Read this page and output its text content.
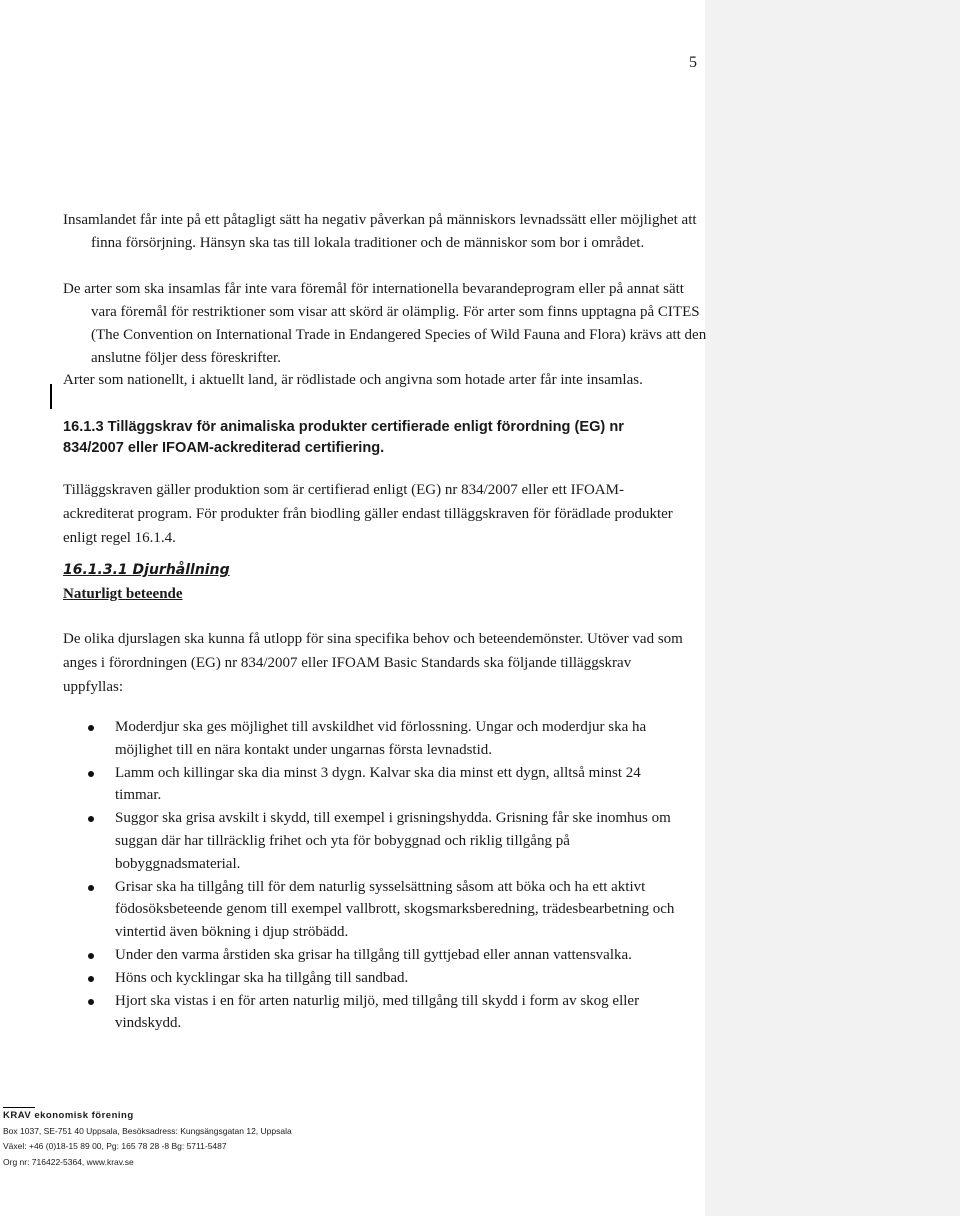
5
Insamlandet får inte på ett påtagligt sätt ha negativ påverkan på människors levnadssätt eller möjlighet att finna försörjning. Hänsyn ska tas till lokala traditioner och de människor som bor i området.
De arter som ska insamlas får inte vara föremål för internationella bevarandeprogram eller på annat sätt vara föremål för restriktioner som visar att skörd är olämplig. För arter som finns upptagna på CITES (The Convention on International Trade in Endangered Species of Wild Fauna and Flora) krävs att den anslutne följer dess föreskrifter.
Arter som nationellt, i aktuellt land, är rödlistade och angivna som hotade arter får inte insamlas.
16.1.3 Tilläggskrav för animaliska produkter certifierade enligt förordning (EG) nr 834/2007 eller IFOAM-ackrediterad certifiering.
Tilläggskraven gäller produktion som är certifierad enligt (EG) nr 834/2007 eller ett IFOAM-ackrediterat program. För produkter från biodling gäller endast tilläggskraven för förädlade produkter enligt regel 16.1.4.
16.1.3.1 Djurhållning
Naturligt beteende
De olika djurslagen ska kunna få utlopp för sina specifika behov och beteendemönster. Utöver vad som anges i förordningen (EG) nr 834/2007 eller IFOAM Basic Standards ska följande tilläggskrav uppfyllas:
Moderdjur ska ges möjlighet till avskildhet vid förlossning. Ungar och moderdjur ska ha möjlighet till en nära kontakt under ungarnas första levnadstid.
Lamm och killingar ska dia minst 3 dygn. Kalvar ska dia minst ett dygn, alltså minst 24 timmar.
Suggor ska grisa avskilt i skydd, till exempel i grisningshydda. Grisning får ske inomhus om suggan där har tillräcklig frihet och yta för bobyggnad och riklig tillgång på bobyggnadsmaterial.
Grisar ska ha tillgång till för dem naturlig sysselsättning såsom att böka och ha ett aktivt födosöksbeteende genom till exempel vallbrott, skogsmarksberedning, trädesbearbetning och vintertid även bökning i djup ströbädd.
Under den varma årstiden ska grisar ha tillgång till gyttjebad eller annan vattensvalka.
Höns och kycklingar ska ha tillgång till sandbad.
Hjort ska vistas i en för arten naturlig miljö, med tillgång till skydd i form av skog eller vindskydd.
KRAV ekonomisk förening
Box 1037, SE-751 40 Uppsala, Besöksadress: Kungsängsgatan 12, Uppsala
Växel: +46 (0)18-15 89 00, Pg: 165 78 28 -8 Bg: 5711-5487
Org nr: 716422-5364, www.krav.se
